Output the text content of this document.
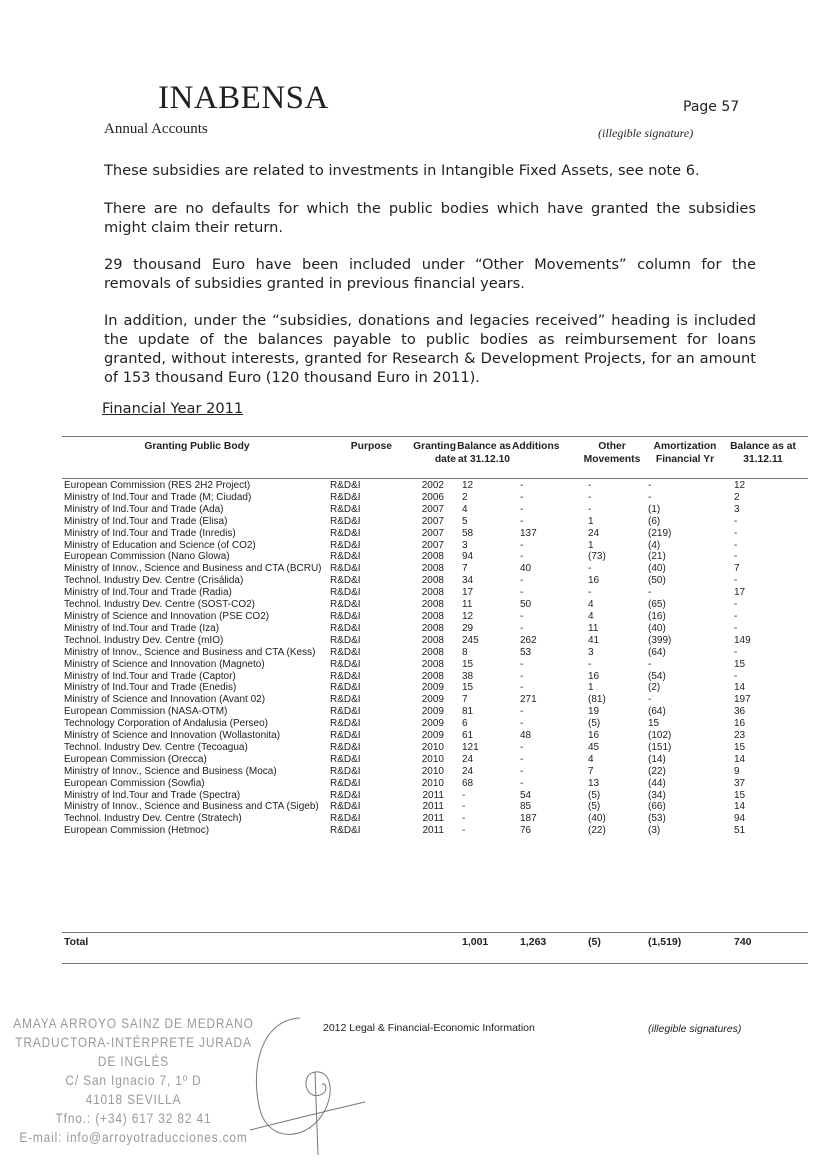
INABENSA
Annual Accounts
Page 57
(illegible signature)
These subsidies are related to investments in Intangible Fixed Assets, see note 6.
There are no defaults for which the public bodies which have granted the subsidies might claim their return.
29 thousand Euro have been included under “Other Movements” column for the removals of subsidies granted in previous financial years.
In addition, under the “subsidies, donations and legacies received” heading is included the update of the balances payable to public bodies as reimbursement for loans granted, without interests, granted for Research & Development Projects, for an amount of 153 thousand Euro (120 thousand Euro in 2011).
Financial Year 2011
Granting Public Body	Purpose	Granting date	Balance as at 31.12.10	Additions	Other Movements	Amortization Financial Yr	Balance as at 31.12.11
European Commission (RES 2H2 Project)	R&D&I	2002	12	-	-	-	12
Ministry of Ind.Tour and Trade (M; Ciudad)	R&D&I	2006	2	-	-	-	2
Ministry of Ind.Tour and Trade (Ada)	R&D&I	2007	4	-	-	(1)	3
Ministry of Ind.Tour and Trade (Elisa)	R&D&I	2007	5	-	1	(6)	-
Ministry of Ind.Tour and Trade (Inredis)	R&D&I	2007	58	137	24	(219)	-
Ministry of Education and Science (of CO2)	R&D&I	2007	3	-	1	(4)	-
European Commission (Nano Glowa)	R&D&I	2008	94	-	(73)	(21)	-
Ministry of Innov., Science and Business and CTA (BCRU)	R&D&I	2008	7	40	-	(40)	7
Technol. Industry Dev. Centre (Crisálida)	R&D&I	2008	34	-	16	(50)	-
Ministry of Ind.Tour and Trade (Radia)	R&D&I	2008	17	-	-	-	17
Technol. Industry Dev. Centre (SOST-CO2)	R&D&I	2008	11	50	4	(65)	-
Ministry of Science and Innovation (PSE CO2)	R&D&I	2008	12	-	4	(16)	-
Ministry of Ind.Tour and Trade (Iza)	R&D&I	2008	29	-	11	(40)	-
Technol. Industry Dev. Centre (mIO)	R&D&I	2008	245	262	41	(399)	149
Ministry of Innov., Science and Business and CTA (Kess)	R&D&I	2008	8	53	3	(64)	-
Ministry of Science and Innovation (Magneto)	R&D&I	2008	15	-	-	-	15
Ministry of Ind.Tour and Trade (Captor)	R&D&I	2008	38	-	16	(54)	-
Ministry of Ind.Tour and Trade (Enedis)	R&D&I	2009	15	-	1	(2)	14
Ministry of Science and Innovation (Avant 02)	R&D&I	2009	7	271	(81)	-	197
European Commission (NASA-OTM)	R&D&I	2009	81	-	19	(64)	36
Technology Corporation of Andalusia (Perseo)	R&D&I	2009	6	-	(5)	15	16
Ministry of Science and Innovation (Wollastonita)	R&D&I	2009	61	48	16	(102)	23
Technol. Industry Dev. Centre (Tecoagua)	R&D&I	2010	121	-	45	(151)	15
European Commission (Orecca)	R&D&I	2010	24	-	4	(14)	14
Ministry of Innov., Science and Business (Moca)	R&D&I	2010	24	-	7	(22)	9
European Commission (Sowfia)	R&D&I	2010	68	-	13	(44)	37
Ministry of Ind.Tour and Trade (Spectra)	R&D&I	2011	-	54	(5)	(34)	15
Ministry of Innov., Science and Business and CTA (Sigeb)	R&D&I	2011	-	85	(5)	(66)	14
Technol. Industry Dev. Centre (Stratech)	R&D&I	2011	-	187	(40)	(53)	94
European Commission (Hetmoc)	R&D&I	2011	-	76	(22)	(3)	51
Total			1,001	1,263	(5)	(1,519)	740
AMAYA ARROYO SAINZ DE MEDRANO
TRADUCTORA-INTÉRPRETE JURADA DE INGLÉS
C/ San Ignacio 7, 1º D
41018 SEVILLA
Tfno.: (+34) 617 32 82 41
E-mail: info@arroyotraducciones.com
2012 Legal & Financial-Economic Information	(illegible signatures)
